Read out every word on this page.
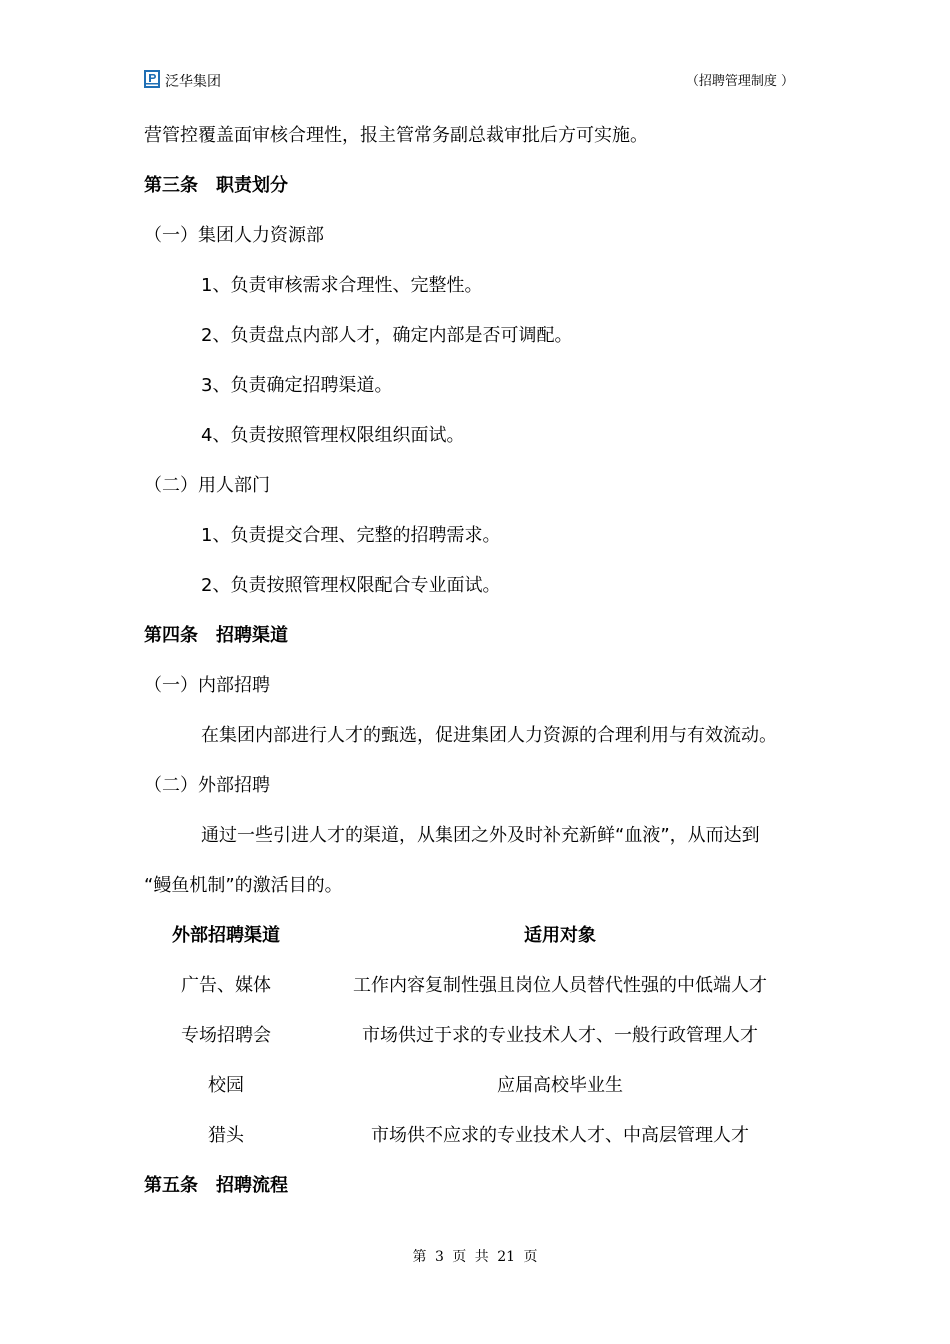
泛华集团	（招聘管理制度 ）
营管控覆盖面审核合理性，报主管常务副总裁审批后方可实施。
第三条 职责划分
（一）集团人力资源部
1、负责审核需求合理性、完整性。
2、负责盘点内部人才，确定内部是否可调配。
3、负责确定招聘渠道。
4、负责按照管理权限组织面试。
（二）用人部门
1、负责提交合理、完整的招聘需求。
2、负责按照管理权限配合专业面试。
第四条 招聘渠道
（一）内部招聘
在集团内部进行人才的甄选，促进集团人力资源的合理利用与有效流动。
（二）外部招聘
通过一些引进人才的渠道，从集团之外及时补充新鲜“血液”，从而达到
“鳗鱼机制”的激活目的。
外部招聘渠道	适用对象
广告、媒体	工作内容复制性强且岗位人员替代性强的中低端人才
专场招聘会	市场供过于求的专业技术人才、一般行政管理人才
校园	应届高校毕业生
猎头	市场供不应求的专业技术人才、中高层管理人才
第五条 招聘流程
第 3 页 共 21 页
